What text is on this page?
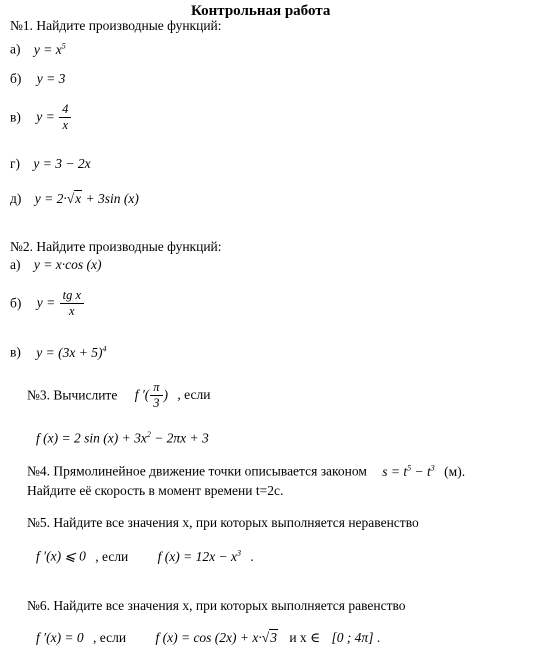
Контрольная работа
№1. Найдите производные функций:
а) $y = x^5$
б) y = 3
в) $y = \frac{4}{x}$
г) y = 3 − 2x
д) y = 2·√x + 3sin (x)
№2. Найдите производные функций:
а) y = x·cos (x)
б) $y = \frac{\text{tg x}}{x}$
в) $y = (3x + 5)^4$
№3. Вычислите f ′( $\frac{\pi}{3}$ ) , если
f (x) = 2 $\sin (x) + 3x^2 - 2\pi x + 3$
№4. Прямолинейное движение точки описывается законом $s = t^5 - t^3$ (м).
Найдите её скорость в момент времени t=2c.
№5. Найдите все значения x, при которых выполняется неравенство
f ′(x) ⩽ 0 , если f $(x) = 12x - x^3$ .
№6. Найдите все значения x, при которых выполняется равенство
f ′(x) = 0 , если f (x) = cos (2x) + x·√3 и x ∈ [0 ; 4π] .
